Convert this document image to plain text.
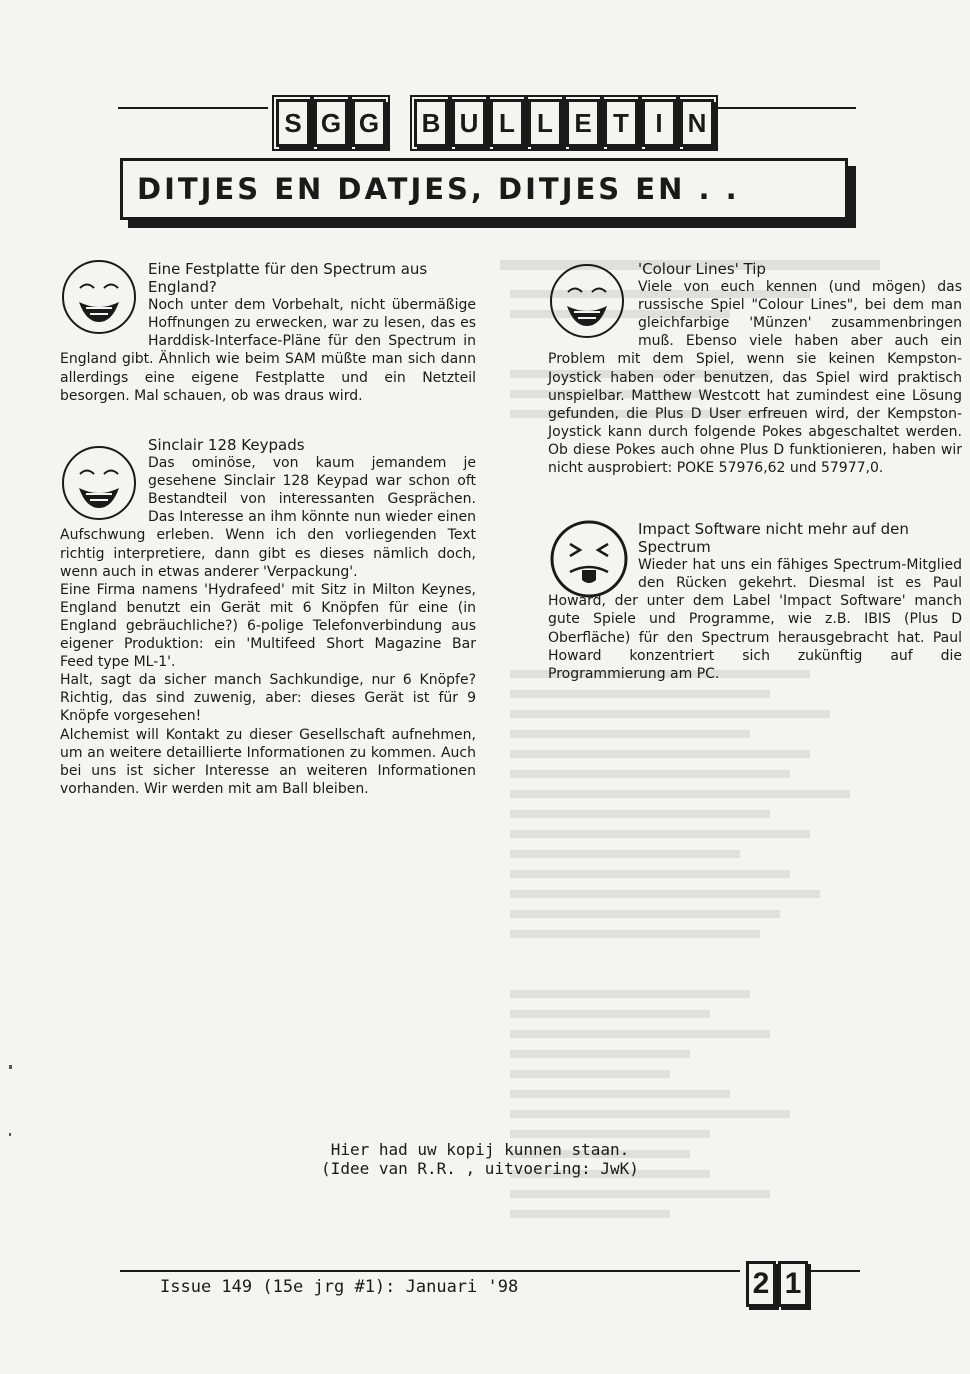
S G G B U L L E T	I N
DITJES EN DATJES, DITJES EN . .

Eine Festplatte für den Spectrum aus England?

Noch unter dem Vorbehalt, nicht übermäßige Hoffnungen zu erwecken, war zu lesen, das es Harddisk-Interface-Pläne für den Spectrum in England gibt. Ähnlich wie beim SAM müßte man sich dann allerdings eine eigene Festplatte und ein Netzteil besorgen. Mal schauen, ob was draus wird.

Sinclair 128 Keypads

Das ominöse, von kaum jemandem je gesehene Sinclair 128 Keypad war schon oft Bestandteil von interessanten Gesprächen. Das Interesse an ihm könnte nun wieder einen Aufschwung erleben. Wenn ich den vorliegenden Text richtig interpretiere, dann gibt es dieses nämlich doch, wenn auch in etwas anderer 'Verpackung'.

Eine Firma namens 'Hydrafeed' mit Sitz in Milton Keynes, England benutzt ein Gerät mit 6 Knöpfen für eine (in England gebräuchliche?) 6-polige Telefonverbindung aus eigener Produktion: ein 'Multifeed Short Magazine Bar Feed type ML-1'.

Halt, sagt da sicher manch Sachkundige, nur 6 Knöpfe? Richtig, das sind zuwenig, aber: dieses Gerät ist für 9 Knöpfe vorgesehen!

Alchemist will Kontakt zu dieser Gesellschaft aufnehmen, um an weitere detaillierte Informationen zu kommen. Auch bei uns ist sicher Interesse an weiteren Informationen vorhanden. Wir werden mit am Ball bleiben.

'Colour Lines' Tip

Viele von euch kennen (und mögen) das russische Spiel "Colour Lines", bei dem man gleichfarbige 'Münzen' zusammenbringen muß. Ebenso viele haben aber auch ein Problem mit dem Spiel, wenn sie keinen Kempston-Joystick haben oder benutzen, das Spiel wird praktisch unspielbar. Matthew Westcott hat zumindest eine Lösung gefunden, die Plus D User erfreuen wird, der Kempston-Joystick kann durch folgende Pokes abgeschaltet werden. Ob diese Pokes auch ohne Plus D funktionieren, haben wir nicht ausprobiert: POKE 57976,62 und 57977,0.

Impact Software nicht mehr auf den Spectrum

Wieder hat uns ein fähiges Spectrum-Mitglied den Rücken gekehrt. Diesmal ist es Paul Howard, der unter dem Label 'Impact Software' manch gute Spiele und Programme, wie z.B. IBIS (Plus D Oberfläche) für den Spectrum herausgebracht hat. Paul Howard konzentriert sich zukünftig auf die Programmierung am PC.

Hier had uw kopij kunnen staan.
(Idee van R.R. , uitvoering: JwK)
Issue 149 (15e jrg #1): Januari '98	2 1
